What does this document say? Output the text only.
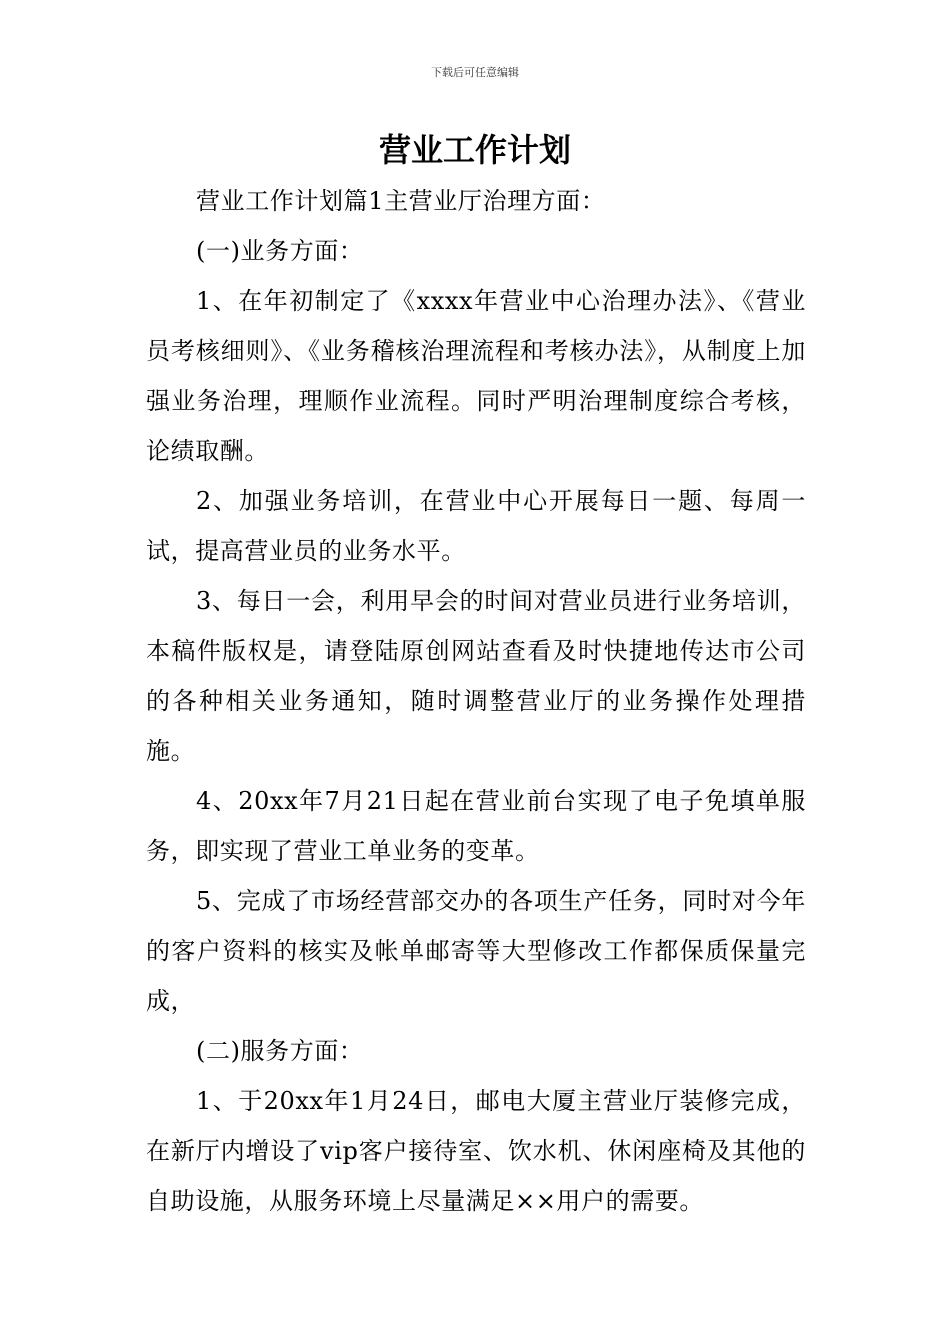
下载后可任意编辑
营业工作计划

营业工作计划篇1主营业厅治理方面：

(一)业务方面：

1、在年初制定了《xxxx年营业中心治理办法》、《营业员考核细则》、《业务稽核治理流程和考核办法》，从制度上加强业务治理，理顺作业流程。同时严明治理制度综合考核，论绩取酬。

2、加强业务培训，在营业中心开展每日一题、每周一试，提高营业员的业务水平。

3、每日一会，利用早会的时间对营业员进行业务培训，本稿件版权是，请登陆原创网站查看及时快捷地传达市公司的各种相关业务通知，随时调整营业厅的业务操作处理措施。

4、20xx年7月21日起在营业前台实现了电子免填单服务，即实现了营业工单业务的变革。

5、完成了市场经营部交办的各项生产任务，同时对今年的客户资料的核实及帐单邮寄等大型修改工作都保质保量完成，

(二)服务方面：

1、于20xx年1月24日，邮电大厦主营业厅装修完成，在新厅内增设了vip客户接待室、饮水机、休闲座椅及其他的自助设施，从服务环境上尽量满足××用户的需要。
